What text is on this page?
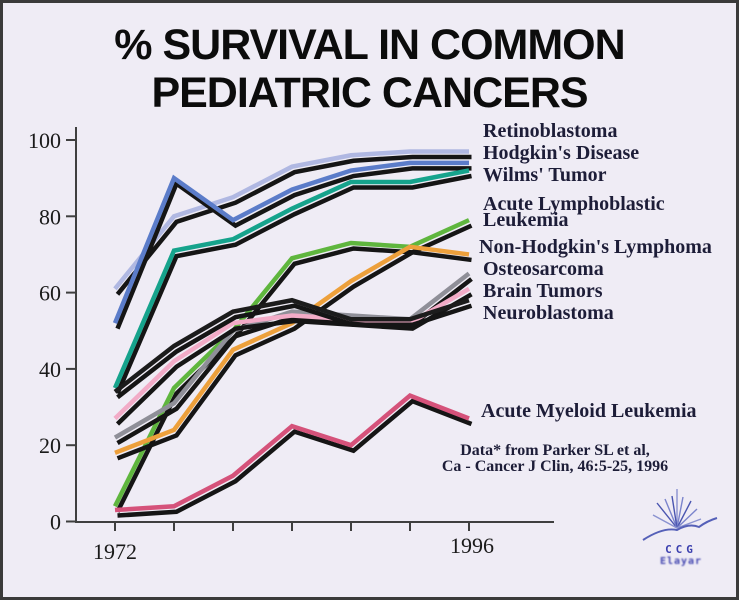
% SURVIVAL IN COMMON
PEDIATRIC CANCERS
0
20
40
60
80
100
1972	1996
Retinoblastoma
Hodgkin's Disease
Wilms' Tumor
Acute Lymphoblastic
Leukemia
Non-Hodgkin's Lymphoma
Osteosarcoma
Brain Tumors
Neuroblastoma
Acute Myeloid Leukemia
Data* from Parker SL et al,
Ca - Cancer J Clin, 46:5-25, 1996
CCG
Elayar
